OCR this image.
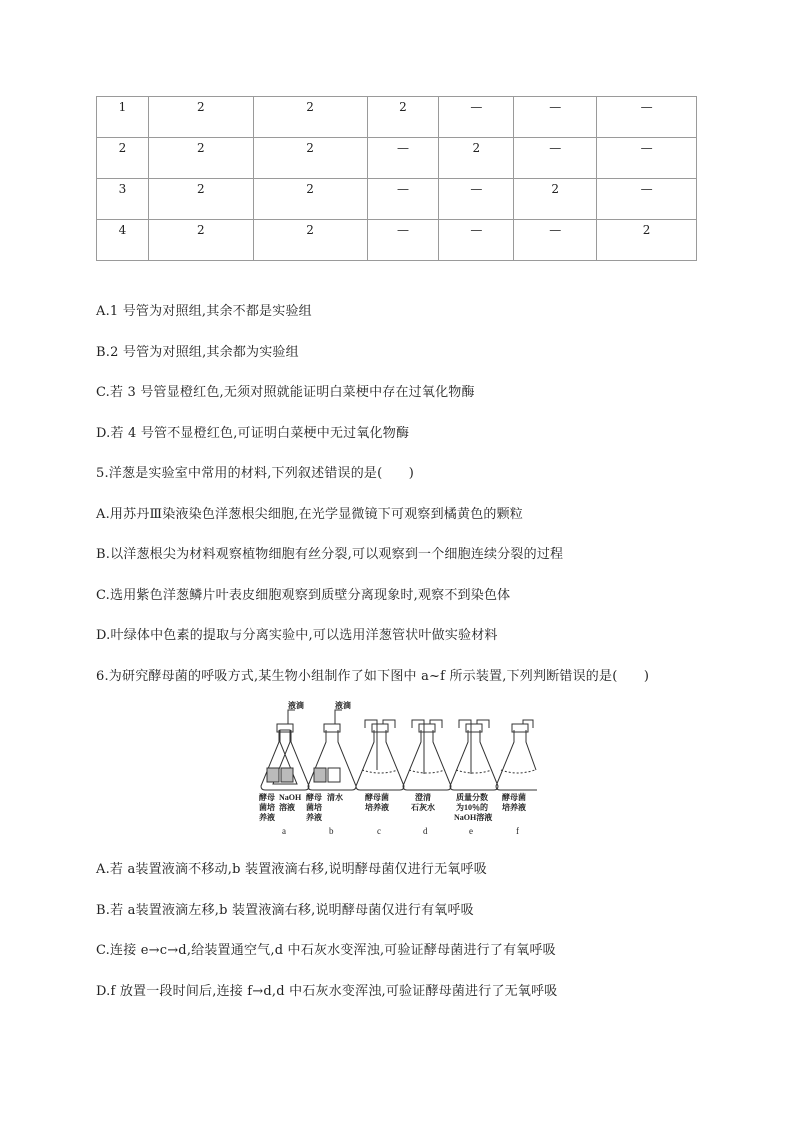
1	2	2	2	—	—	—
2	2	2	—	2	—	—
3	2	2	—	—	2	—
4	2	2	—	—	—	2
A.1 号管为对照组,其余不都是实验组
B.2 号管为对照组,其余都为实验组
C.若 3 号管显橙红色,无须对照就能证明白菜梗中存在过氧化物酶
D.若 4 号管不显橙红色,可证明白菜梗中无过氧化物酶
5.洋葱是实验室中常用的材料,下列叙述错误的是(　　)
A.用苏丹Ⅲ染液染色洋葱根尖细胞,在光学显微镜下可观察到橘黄色的颗粒
B.以洋葱根尖为材料观察植物细胞有丝分裂,可以观察到一个细胞连续分裂的过程
C.选用紫色洋葱鳞片叶表皮细胞观察到质壁分离现象时,观察不到染色体
D.叶绿体中色素的提取与分离实验中,可以选用洋葱管状叶做实验材料
6.为研究酵母菌的呼吸方式,某生物小组制作了如下图中 a~f 所示装置,下列判断错误的是(　　)
液滴	液滴
酵母
菌培
养液
NaOH
溶液
酵母
菌培
养液
清水	酵母菌
培养液
澄清
石灰水
质量分数
为10％的
NaOH溶液
酵母菌
培养液
a	b	c	d	e	f
A.若 a装置液滴不移动,b 装置液滴右移,说明酵母菌仅进行无氧呼吸
B.若 a装置液滴左移,b 装置液滴右移,说明酵母菌仅进行有氧呼吸
C.连接 e→c→d,给装置通空气,d 中石灰水变浑浊,可验证酵母菌进行了有氧呼吸
D.f 放置一段时间后,连接 f→d,d 中石灰水变浑浊,可验证酵母菌进行了无氧呼吸
